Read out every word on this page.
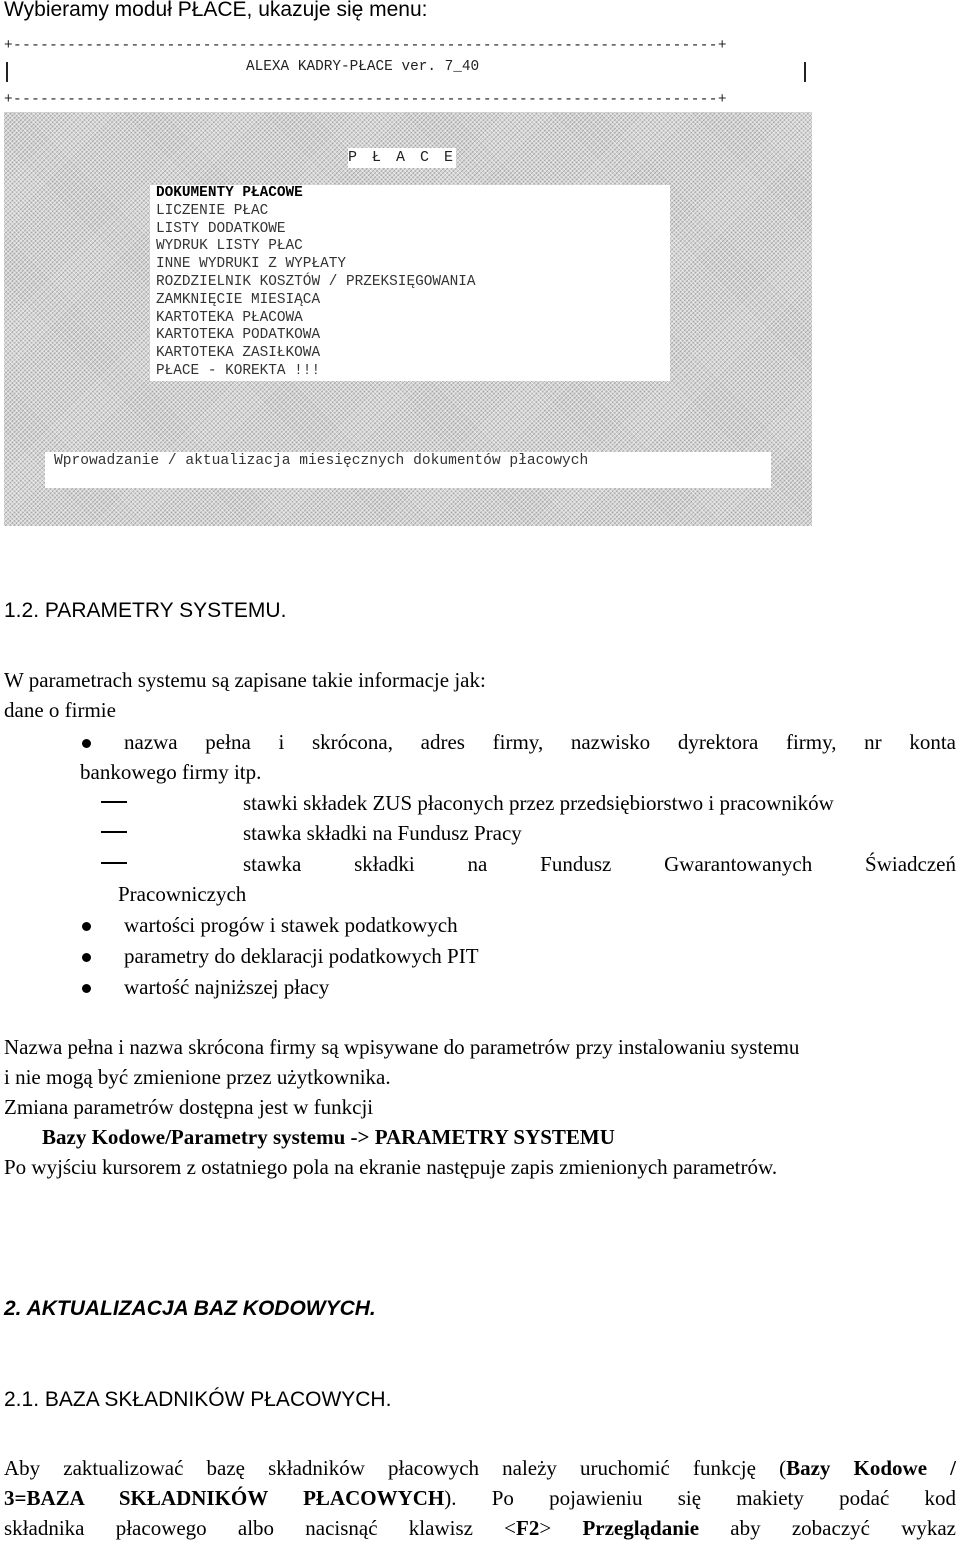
Wybieramy moduł PŁACE, ukazuje się menu:
+------------------------------------------------------------------------------+
ALEXA KADRY-PŁACE ver. 7_40
+------------------------------------------------------------------------------+
P Ł A C E
DOKUMENTY PŁACOWE
LICZENIE PŁAC
LISTY DODATKOWE
WYDRUK LISTY PŁAC
INNE WYDRUKI Z WYPŁATY
ROZDZIELNIK KOSZTÓW / PRZEKSIĘGOWANIA
ZAMKNIĘCIE MIESIĄCA
KARTOTEKA PŁACOWA
KARTOTEKA PODATKOWA
KARTOTEKA ZASIŁKOWA
PŁACE - KOREKTA !!!
Wprowadzanie / aktualizacja miesięcznych dokumentów płacowych
1.2. PARAMETRY SYSTEMU.
W parametrach systemu są zapisane takie informacje jak:
dane o firmie
nazwa pełna i skrócona, adres firmy, nazwisko dyrektora firmy, nr konta
bankowego firmy itp.
stawki składek ZUS płaconych przez przedsiębiorstwo i pracowników
stawka składki na Fundusz Pracy
stawka składki na Fundusz Gwarantowanych Świadczeń
Pracowniczych
wartości progów i stawek podatkowych
parametry do deklaracji podatkowych PIT
wartość najniższej płacy
Nazwa pełna i nazwa skrócona firmy są wpisywane do parametrów przy instalowaniu systemu
i nie mogą być zmienione przez użytkownika.
Zmiana parametrów dostępna jest w funkcji
Bazy Kodowe/Parametry systemu -> PARAMETRY SYSTEMU
Po wyjściu kursorem z ostatniego pola na ekranie następuje zapis zmienionych parametrów.
2. AKTUALIZACJA BAZ KODOWYCH.
2.1. BAZA SKŁADNIKÓW PŁACOWYCH.
Aby zaktualizować bazę składników płacowych należy uruchomić funkcję (Bazy Kodowe /
3=BAZA SKŁADNIKÓW PŁACOWYCH). Po pojawieniu się makiety podać kod
składnika płacowego albo nacisnąć klawisz <F2> Przeglądanie aby zobaczyć wykaz
